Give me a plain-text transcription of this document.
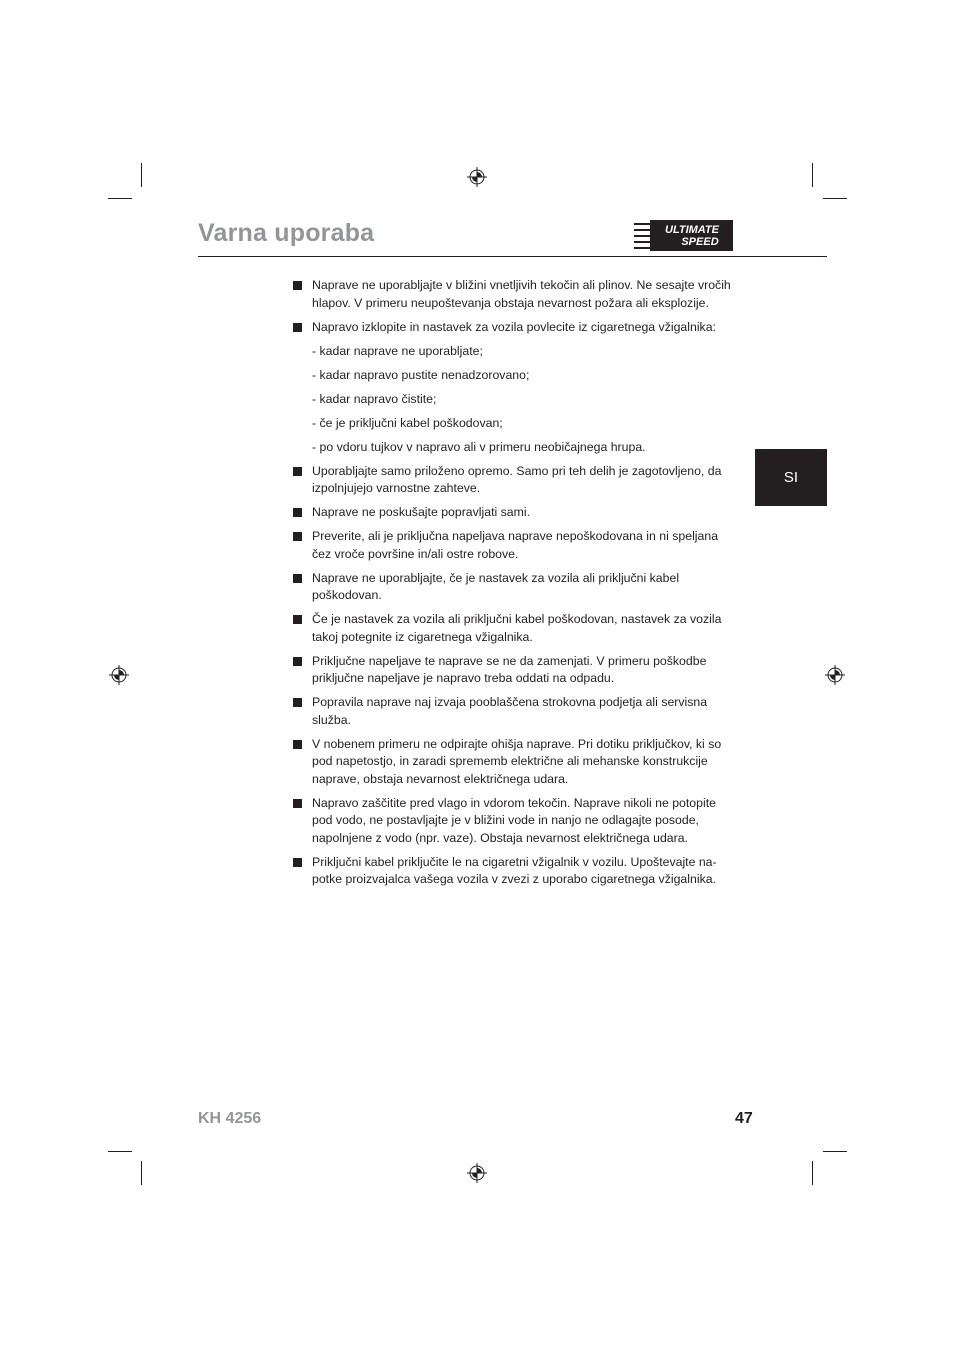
Varna uporaba	ULTIMATE
SPEED
SI
Naprave ne uporabljajte v bližini vnetljivih tekočin ali plinov. Ne sesajte vročih hlapov. V primeru neupoštevanja obstaja nevarnost požara ali eksplozije.
Napravo izklopite in nastavek za vozila povlecite iz cigaretnega vžigalnika:
- kadar naprave ne uporabljate;
- kadar napravo pustite nenadzorovano;
- kadar napravo čistite;
- če je priključni kabel poškodovan;
- po vdoru tujkov v napravo ali v primeru neobičajnega hrupa.
Uporabljajte samo priloženo opremo. Samo pri teh delih je zagotovljeno, da izpolnjujejo varnostne zahteve.
Naprave ne poskušajte popravljati sami.
Preverite, ali je priključna napeljava naprave nepoškodovana in ni speljana čez vroče površine in/ali ostre robove.
Naprave ne uporabljajte, če je nastavek za vozila ali priključni kabel poškodovan.
Če je nastavek za vozila ali priključni kabel poškodovan, nastavek za vozila takoj potegnite iz cigaretnega vžigalnika.
Priključne napeljave te naprave se ne da zamenjati. V primeru poškodbe priključne napeljave je napravo treba oddati na odpadu.
Popravila naprave naj izvaja pooblaščena strokovna podjetja ali servisna služba.
V nobenem primeru ne odpirajte ohišja naprave. Pri dotiku priključkov, ki so pod napetostjo, in zaradi sprememb električne ali mehanske konstrukcije naprave, obstaja nevarnost električnega udara.
Napravo zaščitite pred vlago in vdorom tekočin. Naprave nikoli ne potopite pod vodo, ne postavljajte je v bližini vode in nanjo ne odlagajte posode, napolnjene z vodo (npr. vaze). Obstaja nevarnost električnega udara.
Priključni kabel priključite le na cigaretni vžigalnik v vozilu. Upoštevajte na-potke proizvajalca vašega vozila v zvezi z uporabo cigaretnega vžigalnika.
KH 4256	47
